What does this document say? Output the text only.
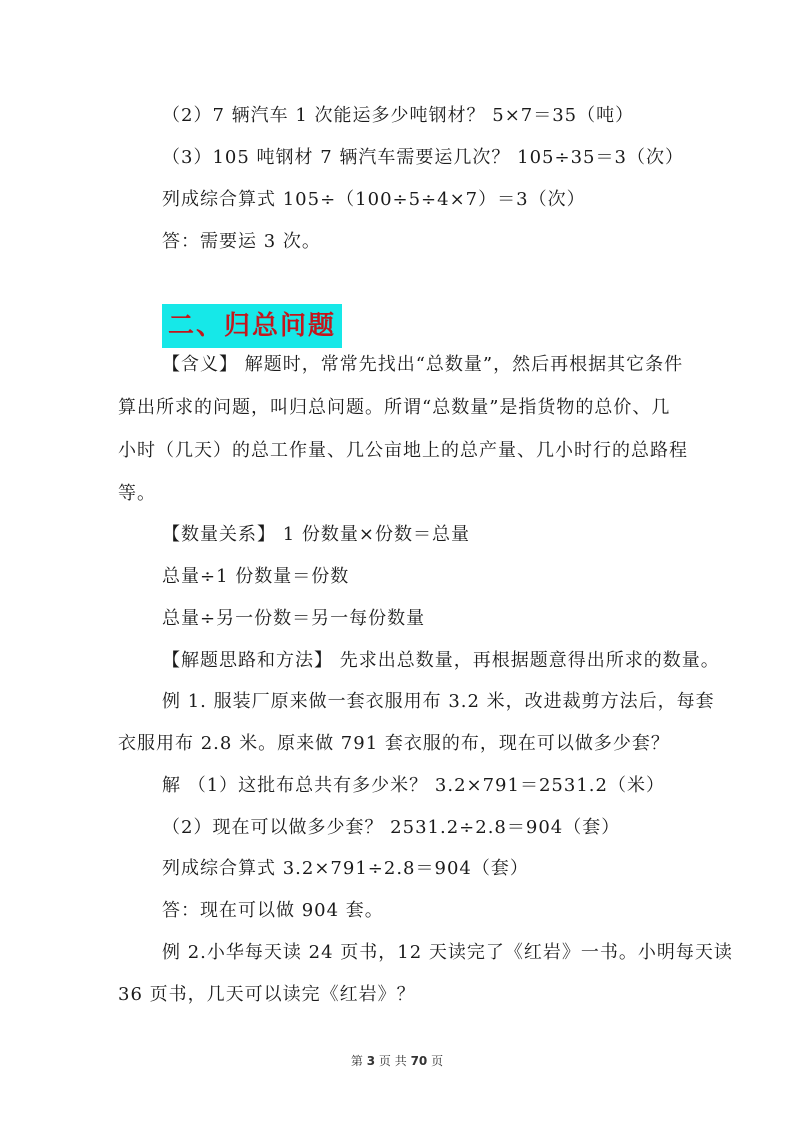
（2）7 辆汽车 1 次能运多少吨钢材？ 5×7＝35（吨）
（3）105 吨钢材 7 辆汽车需要运几次？ 105÷35＝3（次）
列成综合算式 105÷（100÷5÷4×7）＝3（次）
答：需要运 3 次。
二、归总问题
【含义】 解题时，常常先找出“总数量”，然后再根据其它条件
算出所求的问题，叫归总问题。所谓“总数量”是指货物的总价、几
小时（几天）的总工作量、几公亩地上的总产量、几小时行的总路程
等。
【数量关系】 1 份数量×份数＝总量
总量÷1 份数量＝份数
总量÷另一份数＝另一每份数量
【解题思路和方法】 先求出总数量，再根据题意得出所求的数量。
例 1. 服装厂原来做一套衣服用布 3.2 米，改进裁剪方法后，每套
衣服用布 2.8 米。原来做 791 套衣服的布，现在可以做多少套？
解 （1）这批布总共有多少米？ 3.2×791＝2531.2（米）
（2）现在可以做多少套？ 2531.2÷2.8＝904（套）
列成综合算式 3.2×791÷2.8＝904（套）
答：现在可以做 904 套。
例 2.小华每天读 24 页书，12 天读完了《红岩》一书。小明每天读
36 页书，几天可以读完《红岩》？
第 3 页 共 70 页
